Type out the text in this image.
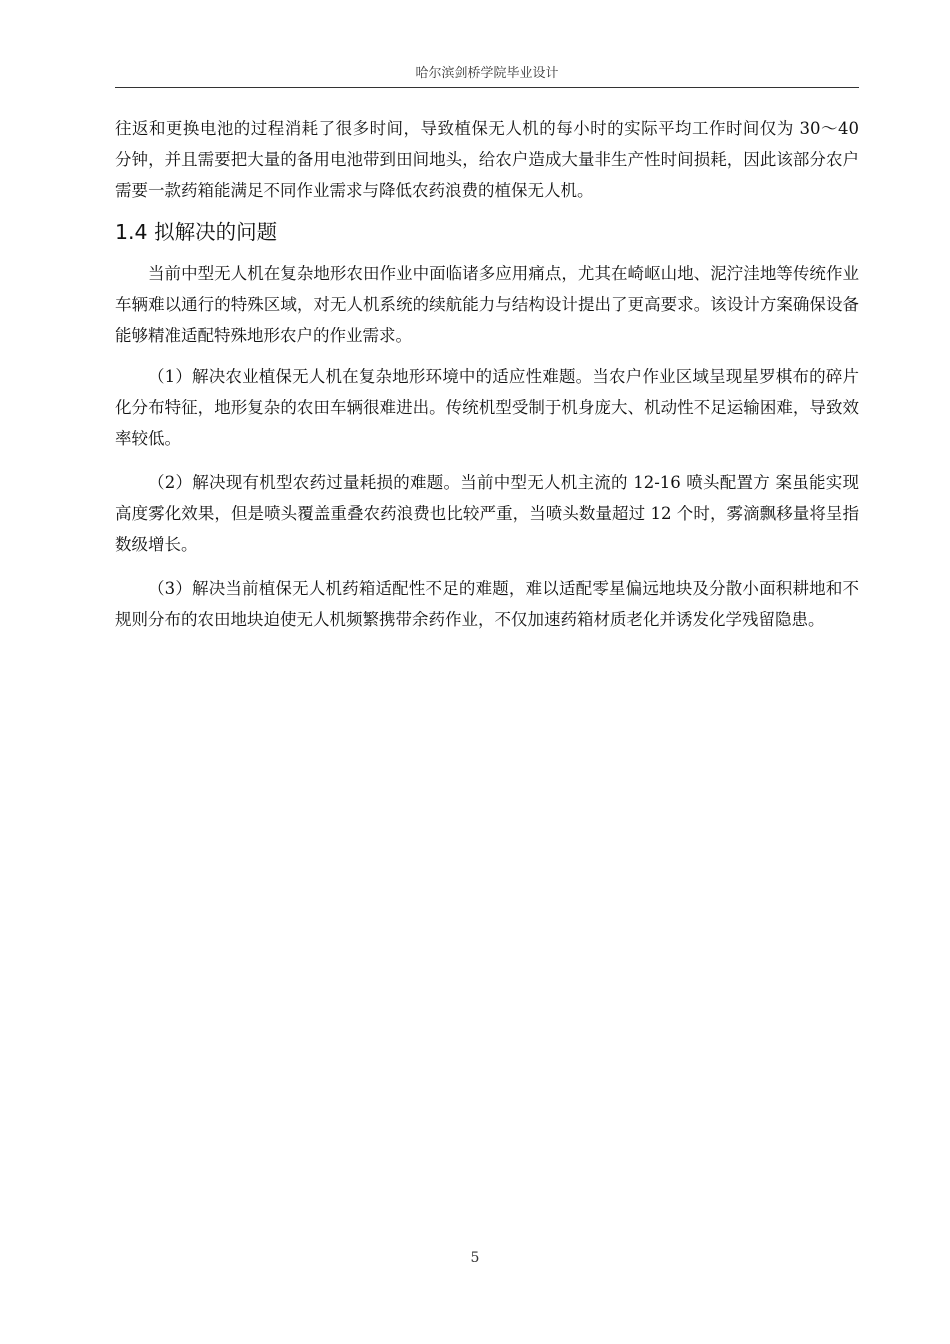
哈尔滨剑桥学院毕业设计

往返和更换电池的过程消耗了很多时间，导致植保无人机的每小时的实际平均工作时间仅为 30～40 分钟，并且需要把大量的备用电池带到田间地头，给农户造成大量非生产性时间损耗，因此该部分农户需要一款药箱能满足不同作业需求与降低农药浪费的植保无人机。

1.4 拟解决的问题

当前中型无人机在复杂地形农田作业中面临诸多应用痛点，尤其在崎岖山地、泥泞洼地等传统作业车辆难以通行的特殊区域，对无人机系统的续航能力与结构设计提出了更高要求。该设计方案确保设备能够精准适配特殊地形农户的作业需求。

（1）解决农业植保无人机在复杂地形环境中的适应性难题。当农户作业区域呈现星罗棋布的碎片化分布特征，地形复杂的农田车辆很难进出。传统机型受制于机身庞大、机动性不足运输困难，导致效率较低。

（2）解决现有机型农药过量耗损的难题。当前中型无人机主流的 12-16 喷头配置方 案虽能实现高度雾化效果，但是喷头覆盖重叠农药浪费也比较严重，当喷头数量超过 12 个时，雾滴飘移量将呈指数级增长。

（3）解决当前植保无人机药箱适配性不足的难题，难以适配零星偏远地块及分散小面积耕地和不规则分布的农田地块迫使无人机频繁携带余药作业，不仅加速药箱材质老化并诱发化学残留隐患。

5
